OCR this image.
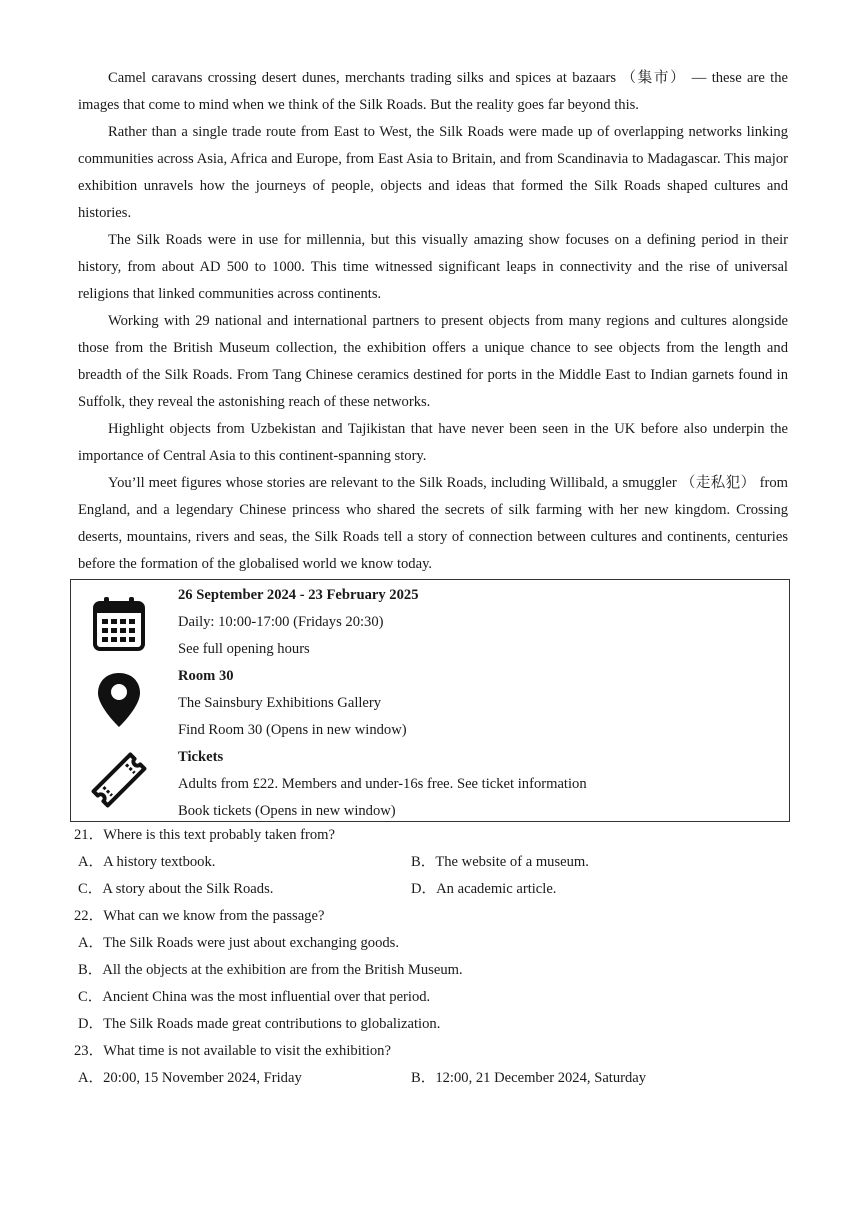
Camel caravans crossing desert dunes, merchants trading silks and spices at bazaars （集市） — these are the images that come to mind when we think of the Silk Roads. But the reality goes far beyond this.

Rather than a single trade route from East to West, the Silk Roads were made up of overlapping networks linking communities across Asia, Africa and Europe, from East Asia to Britain, and from Scandinavia to Madagascar. This major exhibition unravels how the journeys of people, objects and ideas that formed the Silk Roads shaped cultures and histories.

The Silk Roads were in use for millennia, but this visually amazing show focuses on a defining period in their history, from about AD 500 to 1000. This time witnessed significant leaps in connectivity and the rise of universal religions that linked communities across continents.

Working with 29 national and international partners to present objects from many regions and cultures alongside those from the British Museum collection, the exhibition offers a unique chance to see objects from the length and breadth of the Silk Roads. From Tang Chinese ceramics destined for ports in the Middle East to Indian garnets found in Suffolk, they reveal the astonishing reach of these networks.

Highlight objects from Uzbekistan and Tajikistan that have never been seen in the UK before also underpin the importance of Central Asia to this continent-spanning story.

You’ll meet figures whose stories are relevant to the Silk Roads, including Willibald, a smuggler （走私犯） from England, and a legendary Chinese princess who shared the secrets of silk farming with her new kingdom. Crossing deserts, mountains, rivers and seas, the Silk Roads tell a story of connection between cultures and continents, centuries before the formation of the globalised world we know today.

26 September 2024 - 23 February 2025
Daily: 10:00-17:00 (Fridays 20:30)
See full opening hours
Room 30
The Sainsbury Exhibitions Gallery
Find Room 30 (Opens in new window)
Tickets
Adults from £22. Members and under-16s free. See ticket information
Book tickets (Opens in new window)
21．Where is this text probably taken from?
A．A history textbook.	B．The website of a museum.
C．A story about the Silk Roads.	D．An academic article.
22．What can we know from the passage?
A．The Silk Roads were just about exchanging goods.
B．All the objects at the exhibition are from the British Museum.
C．Ancient China was the most influential over that period.
D．The Silk Roads made great contributions to globalization.
23．What time is not available to visit the exhibition?
A．20:00, 15 November 2024, Friday	B．12:00, 21 December 2024, Saturday
